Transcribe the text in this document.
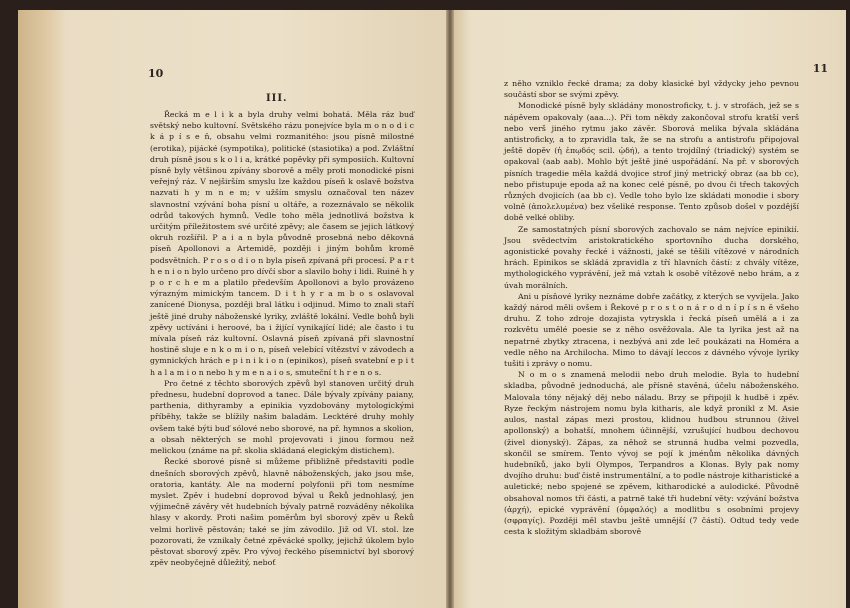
10
III.

Řecká m e l i k a byla druhy velmi bohatá. Měla ráz buď světský nebo kultovní. Světského rázu ponejvíce byla m o n o d i c k á p í s e ň, obsahu velmi rozmanitého: jsou písně milostné (erotika), pijácké (sympotika), politické (stasiotika) a pod. Zvláštní druh písně jsou s k o l i a, krátké popěvky při symposiích. Kultovní písně byly většinou zpívány sborově a měly proti monodické písni veřejný ráz. V nejširším smyslu lze každou píseň k oslavě božstva nazvati h y m n e m; v užším smyslu označoval ten název slavnostní vzývání boha písní u oltáře, a rozeznávalo se několik odrůd takových hymnů. Vedle toho měla jednotlivá božstva k určitým příležitostem své určité zpěvy; ale časem se jejich látkový okruh rozšířil. P a i a n byla původně prosebná nebo děkovná píseň Apollonovi a Artemidě, později i jiným bohům kromě podsvětních. P r o s o d i o n byla píseň zpívaná při procesí. P a r t h e n i o n bylo určeno pro dívčí sbor a slavilo bohy i lidi. Ruiné h y p o r c h e m a platilo především Apollonovi a bylo provázeno výrazným mimickým tancem. D i t h y r a m b o s oslavoval zanícené Dionysa, později bral látku i odjinud. Mimo to znali staří ještě jiné druhy náboženské lyriky, zvláště lokální. Vedle bohů byli zpěvy uctíváni i heroové, ba i žijící vynikající lidé; ale často i tu mívala píseň ráz kultovní. Oslavná píseň zpívaná při slavnostní hostině sluje e n k o m i o n, píseň velebící vítězství v závodech a gymnických hrách e p i n i k i o n (epinikos), píseň svatební e p i t h a l a m i o n nebo h y m e n a i o s, smuteční t h r e n o s.

Pro četné z těchto sborových zpěvů byl stanoven určitý druh přednesu, hudební doprovod a tanec. Dále bývaly zpívány paiany, parthenia, dithyramby a epinikia vyzdobovány mytologickými příběhy, takže se blížily našim baladám. Lecktéré druhy mohly ovšem také býti buď sólové nebo sborové, na př. hymnos a skolion, a obsah některých se mohl projevovati i jinou formou než melickou (známe na př. skolia skládaná elegickým distichem).

Řecké sborové písně si můžeme přibližně představiti podle dnešních sborových zpěvů, hlavně náboženských, jako jsou mše, oratoria, kantáty. Ale na moderní polyfonii při tom nesmíme myslet. Zpěv i hudební doprovod býval u Řeků jednohlasý, jen výjimečně závěry vět hudebních bývaly patrně rozváděny několika hlasy v akordy. Proti našim poměrům byl sborový zpěv u Řeků velmi horlivě pěstován; také se jím závodilo. Již od VI. stol. lze pozorovati, že vznikaly četné zpěvácké spolky, jejichž úkolem bylo pěstovat sborový zpěv. Pro vývoj řeckého písemnictví byl sborový zpěv neobyčejně důležitý, neboť

11

z něho vzniklo řecké drama; za doby klasické byl vždycky jeho pevnou součástí sbor se svými zpěvy.

Monodické písně byly skládány monostroficky, t. j. v strofách, jež se s nápěvem opakovaly (aaa...). Při tom někdy zakončoval strofu kratší verš nebo verš jiného rytmu jako závěr. Sborová melika bývala skládána antistroficky, a to zpravidla tak, že se na strofu a antistrofu připojoval ještě dopěv (ἡ ἐπῳδός scil. ᾠδή), a tento trojdílný (triadický) systém se opakoval (aab aab). Mohlo být ještě jiné uspořádání. Na př. v sborových písních tragedie měla každá dvojice strof jiný metrický obraz (aa bb cc), nebo přistupuje epoda až na konec celé písně, po dvou či třech takových různých dvojicích (aa bb c). Vedle toho bylo lze skládati monodie i sbory volně (ἀπολελυμένα) bez všeliké response. Tento způsob došel v pozdější době velké obliby.

Ze samostatných písní sborových zachovalo se nám nejvíce epinikií. Jsou svědectvím aristokratického sportovního ducha dorského, agonistické povahy řecké i vážnosti, jaké se těšili vítězové v národních hrách. Epinikos se skládá zpravidla z tří hlavních částí: z chvály vítěze, mythologického vyprávění, jež má vztah k osobě vítězově nebo hrám, a z úvah morálních.

Ani u písňové lyriky neznáme dobře začátky, z kterých se vyvíjela. Jako každý národ měli ovšem i Řekové p r o s t o n á r o d n í p í s n ě všeho druhu. Z toho zdroje dozajista vytryskla i řecká píseň umělá a i za rozkvětu umělé poesie se z něho osvěžovala. Ale ta lyrika jest až na nepatrné zbytky ztracena, i nezbývá ani zde leč poukázati na Homéra a vedle něho na Archilocha. Mimo to dávají leccos z dávného vývoje lyriky tušiti i zprávy o nomu.

N o m o s znamená melodii nebo druh melodie. Byla to hudební skladba, původně jednoduchá, ale přísně stavěná, účelu náboženského. Malovala tóny nějaký děj nebo náladu. Brzy se připojil k hudbě i zpěv. Ryze řeckým nástrojem nomu byla kitharis, ale když pronikl z M. Asie aulos, nastal zápas mezi prostou, klidnou hudbou strunnou (živel apollonský) a bohatší, mnohem účinnější, vzrušující hudbou dechovou (živel dionyský). Zápas, za něhož se strunná hudba velmi pozvedla, skončil se smírem. Tento vývoj se pojí k jménům několika dávných hudebníků, jako byli Olympos, Terpandros a Klonas. Byly pak nomy dvojího druhu: buď čistě instrumentální, a to podle nástroje kitharistické a auletické; nebo spojené se zpěvem, kitharodické a aulodické. Původně obsahoval nomos tři části, a patrně také tři hudební věty: vzývání božstva (ἀρχή), epické vyprávění (ὀμφαλός) a modlitbu s osobními projevy (σφραγίς). Později měl stavbu ještě umnější (7 částí). Odtud tedy vede cesta k složitým skladbám sborově
